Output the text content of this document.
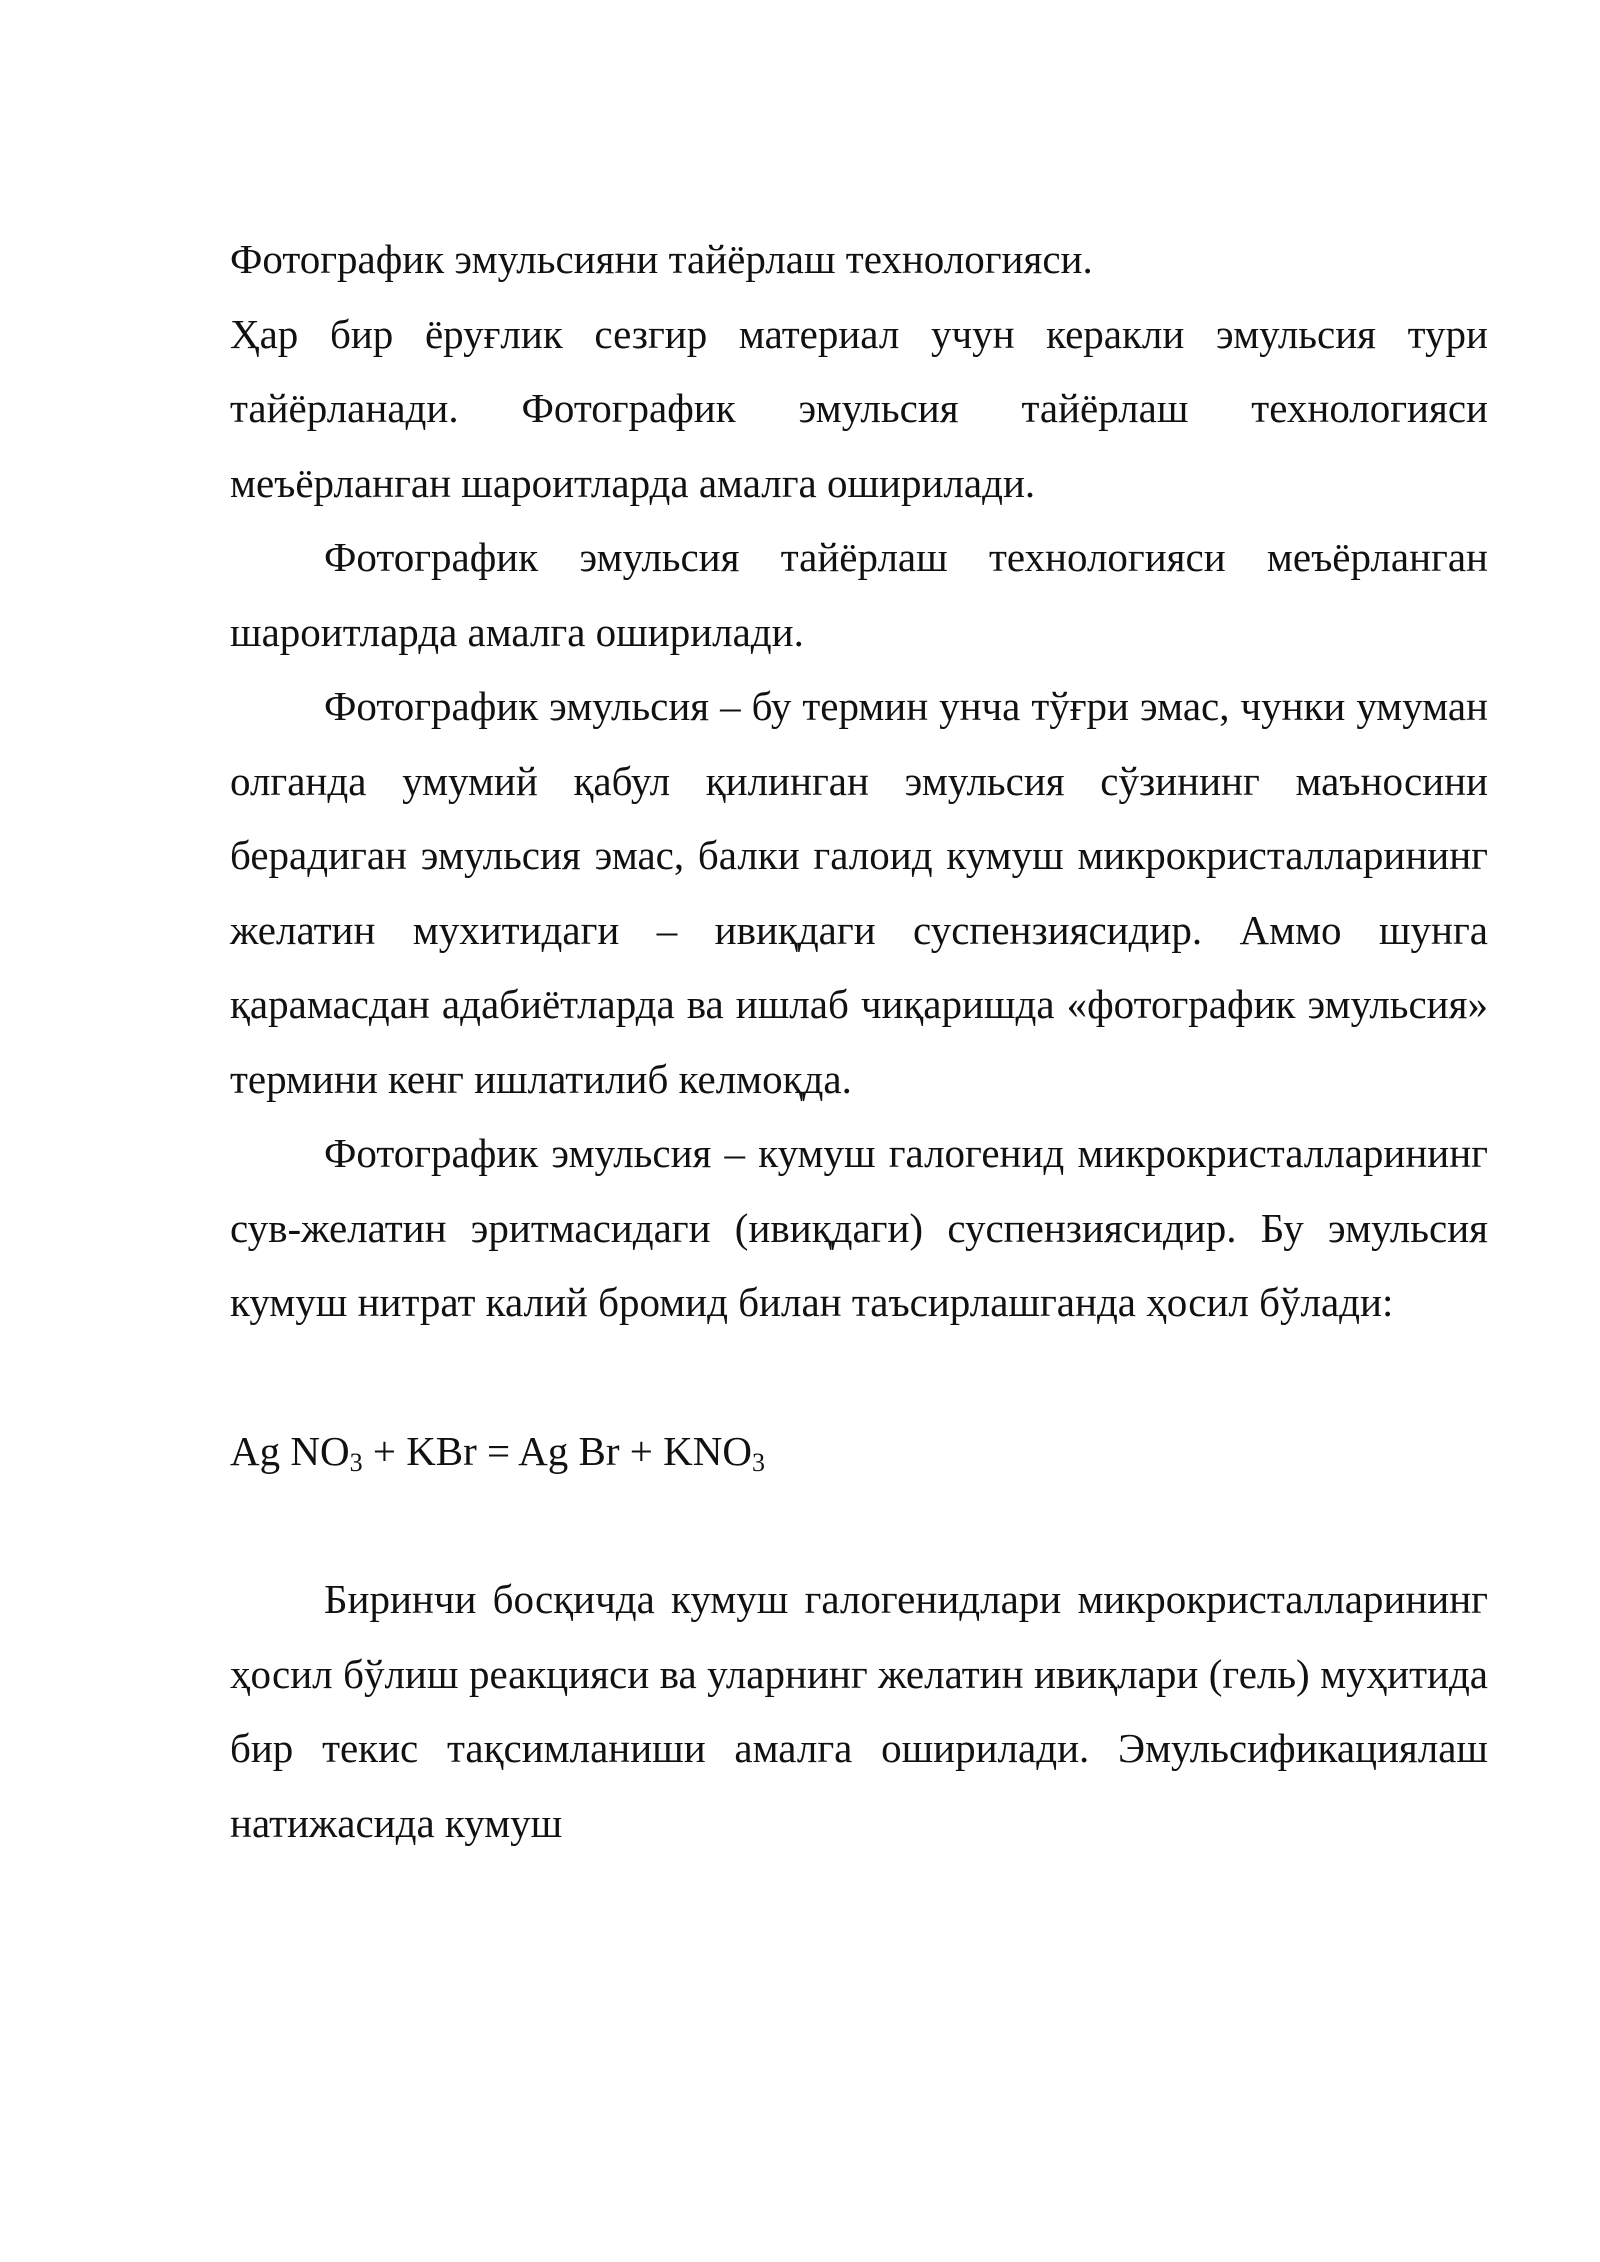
Фотографик эмульсияни тайёрлаш технологияси.

Ҳар бир ёруғлик сезгир материал учун керакли эмульсия тури тайёрланади. Фотографик эмульсия тайёрлаш технологияси меъёрланган шароитларда амалга оширилади.

Фотографик эмульсия тайёрлаш технологияси меъёрланган шароитларда амалга оширилади.

Фотографик эмульсия – бу термин унча тўғри эмас, чунки умуман олганда умумий қабул қилинган эмульсия сўзининг маъносини берадиган эмульсия эмас, балки галоид кумуш микрокристалларининг желатин мухитидаги – ивиқдаги суспензиясидир. Аммо шунга қарамасдан адабиётларда ва ишлаб чиқаришда «фотографик эмульсия» термини кенг ишлатилиб келмоқда.

Фотографик эмульсия – кумуш галогенид микрокристалларининг сув-желатин эритмасидаги (ивиқдаги) суспензиясидир. Бу эмульсия кумуш нитрат калий бромид билан таъсирлашганда ҳосил бўлади:

Ag $NO_3$ + KBr = Ag $Br + KNO_3$

Биринчи босқичда кумуш галогенидлари микрокристалларининг ҳосил бўлиш реакцияси ва уларнинг желатин ивиқлари (гель) муҳитида бир текис тақсимланиши амалга оширилади. Эмульсификациялаш натижасида кумуш
